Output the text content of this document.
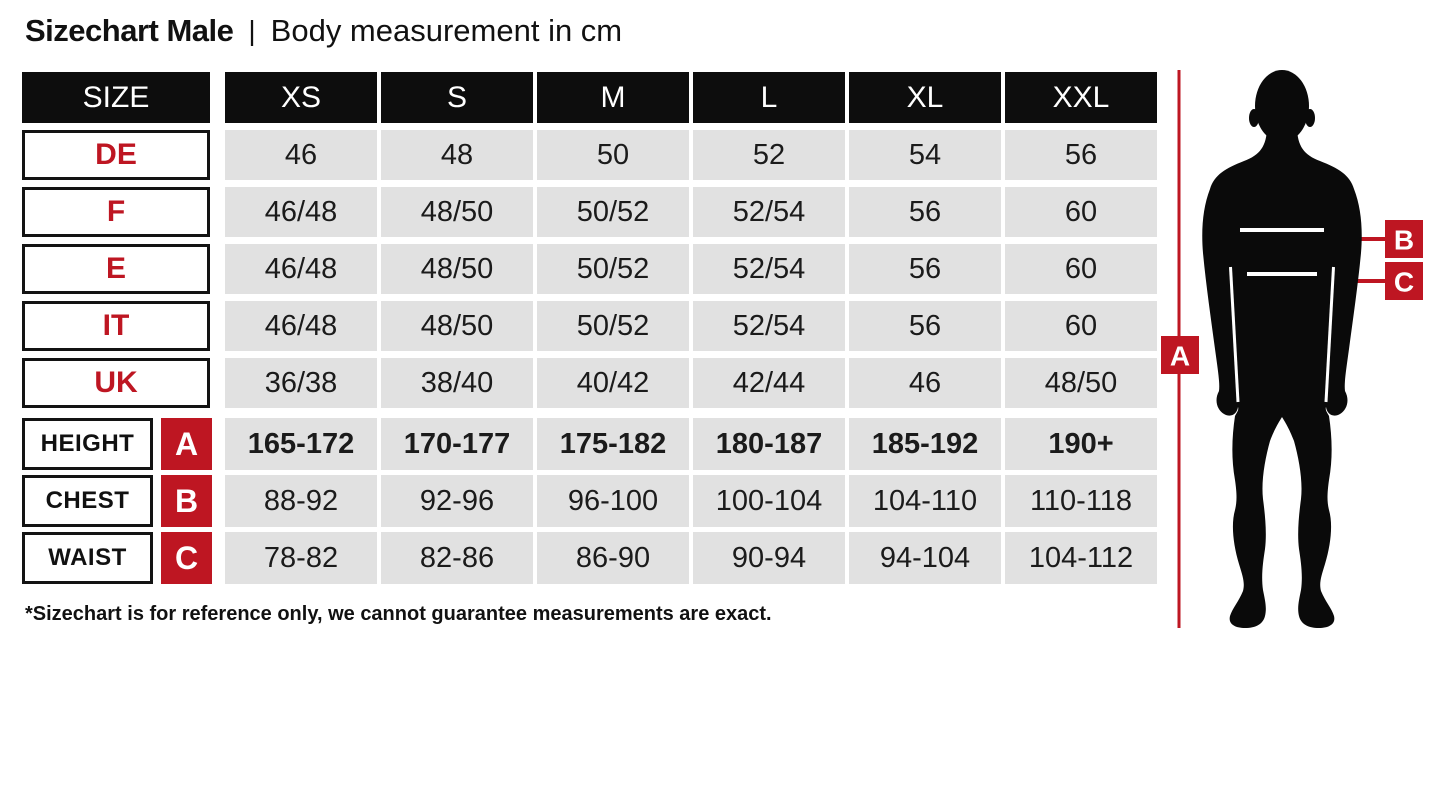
Sizechart Male | Body measurement in cm
SIZE	XS	S	M	L	XL	XXL
DE	46	48	50	52	54	56
F	46/48	48/50	50/52	52/54	56	60
E	46/48	48/50	50/52	52/54	56	60
IT	46/48	48/50	50/52	52/54	56	60
UK	36/38	38/40	40/42	42/44	46	48/50
HEIGHT	A	165-172	170-177	175-182	180-187	185-192	190+
CHEST	B	88-92	92-96	96-100	100-104	104-110	110-118
WAIST	C	78-82	82-86	86-90	90-94	94-104	104-112
*Sizechart is for reference only, we cannot guarantee measurements are exact.
A
B
C
